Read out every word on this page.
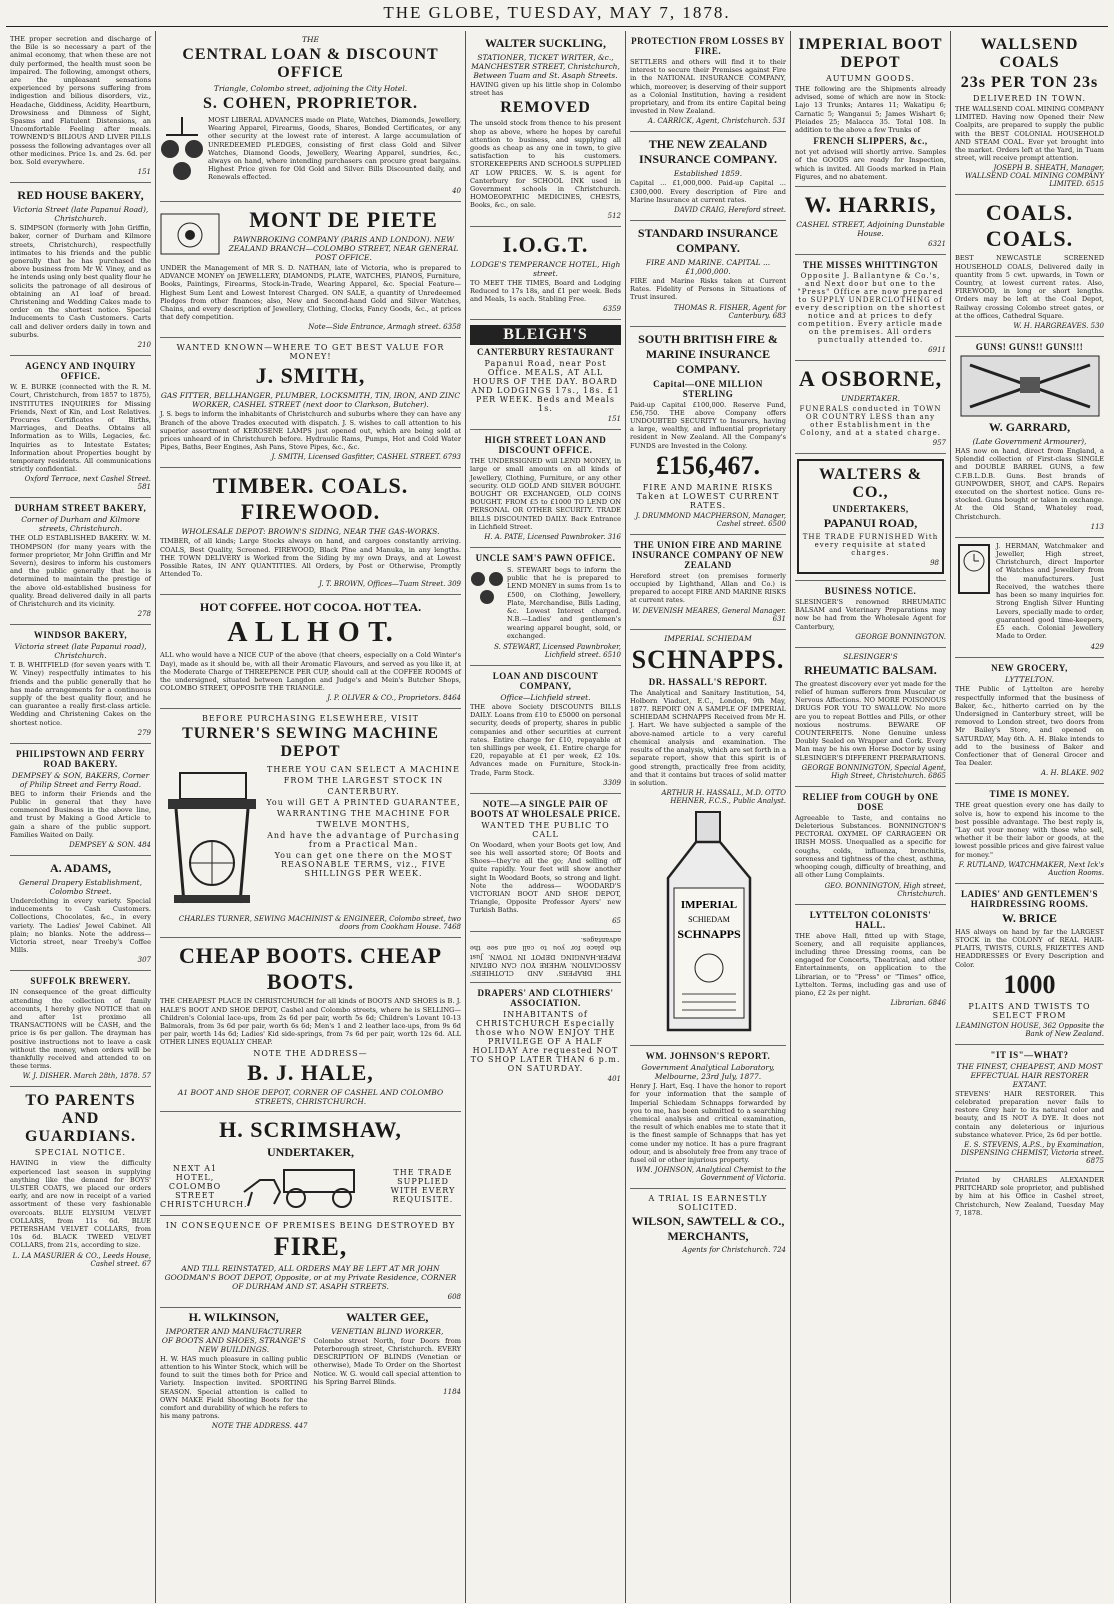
THE GLOBE, TUESDAY, MAY 7, 1878.
THE proper secretion and discharge of the Bile is so necessary a part of the animal economy, that when these are not duly performed, the health must soon be impaired. The following, amongst others, are the unpleasant sensations experienced by persons suffering from indigestion and bilious disorders, viz., Headache, Giddiness, Acidity, Heartburn, Drowsiness and Dimness of Sight, Spasms and Flatulent Distensions, an Uncomfortable Feeling after meals. TOWNEND'S BILIOUS AND LIVER PILLS possess the following advantages over all other medicines. Price 1s. and 2s. 6d. per box. Sold everywhere.
151
RED HOUSE BAKERY,
Victoria Street (late Papanui Road), Christchurch.
S. SIMPSON (formerly with John Griffin, baker, corner of Durham and Kilmore streets, Christchurch), respectfully intimates to his friends and the public generally that he has purchased the above business from Mr W. Viney, and as he intends using only best quality flour he solicits the patronage of all desirous of obtaining an A1 loaf of bread. Christening and Wedding Cakes made to order on the shortest notice. Special Inducements to Cash Customers. Carts call and deliver orders daily in town and suburbs.
210
AGENCY AND INQUIRY OFFICE.
W. E. BURKE (connected with the R. M. Court, Christchurch, from 1857 to 1875), INSTITUTES INQUIRIES for Missing Friends, Next of Kin, and Lost Relatives. Procures Certificates of Births, Marriages, and Deaths. Obtains all Information as to Wills, Legacies, &c. Inquiries as to Intestate Estates; Information about Properties bought by temporary residents. All communications strictly confidential.
Oxford Terrace, next Cashel Street. 581
DURHAM STREET BAKERY,
Corner of Durham and Kilmore streets, Christchurch.
THE OLD ESTABLISHED BAKERY. W. M. THOMPSON (for many years with the former proprietor, Mr John Griffin and Mr Severn), desires to inform his customers and the public generally that he is determined to maintain the prestige of the above old-established business for quality. Bread delivered daily in all parts of Christchurch and its vicinity.
278
WINDSOR BAKERY,
Victoria street (late Papanui road), Christchurch.
T. B. WHITFIELD (for seven years with T. W. Viney) respectfully intimates to his friends and the public generally that he has made arrangements for a continuous supply of the best quality flour, and he can guarantee a really first-class article. Wedding and Christening Cakes on the shortest notice.
279
PHILIPSTOWN AND FERRY ROAD BAKERY.
DEMPSEY & SON, BAKERS, Corner of Philip Street and Ferry Road.
BEG to inform their Friends and the Public in general that they have commenced Business in the above line, and trust by Making a Good Article to gain a share of the public support. Families Waited on Daily.
DEMPSEY & SON. 484
A. ADAMS,
General Drapery Establishment, Colombo Street.
Underclothing in every variety. Special inducements to Cash Customers. Collections, Chocolates, &c., in every variety. The Ladies' Jewel Cabinet. All plain; no blanks. Note the address—Victoria street, near Treeby's Coffee Mills.
307
SUFFOLK BREWERY.
IN consequence of the great difficulty attending the collection of family accounts, I hereby give NOTICE that on and after 1st proximo all TRANSACTIONS will be CASH, and the price is 6s per gallon. The drayman has positive instructions not to leave a cask without the money, when orders will be thankfully received and attended to on these terms.
W. J. DISHER. March 28th, 1878. 57
TO PARENTS AND GUARDIANS.
SPECIAL NOTICE.
HAVING in view the difficulty experienced last season in supplying anything like the demand for BOYS' ULSTER COATS, we placed our orders early, and are now in receipt of a varied assortment of these very fashionable overcoats. BLUE ELYSIUM VELVET COLLARS, from 11s 6d. BLUE PETERSHAM VELVET COLLARS, from 10s 6d. BLACK TWEED VELVET COLLARS, from 21s, according to size.
L. LA MASURIER & CO., Leeds House, Cashel street. 67
THE
CENTRAL LOAN & DISCOUNT OFFICE
Triangle, Colombo street, adjoining the City Hotel.
S. COHEN, PROPRIETOR.
MOST LIBERAL ADVANCES made on Plate, Watches, Diamonds, Jewellery, Wearing Apparel, Firearms, Goods, Shares, Bonded Certificates, or any other security at the lowest rate of interest. A large accumulation of UNREDEEMED PLEDGES, consisting of first class Gold and Silver Watches, Diamond Goods, Jewellery, Wearing Apparel, sundries, &c., always on hand, where intending purchasers can procure great bargains. Highest Price given for Old Gold and Silver. Bills Discounted daily, and Renewals effected.
40
MONT DE PIETE
PAWNBROKING COMPANY (PARIS AND LONDON). NEW ZEALAND BRANCH—COLOMBO STREET, NEAR GENERAL POST OFFICE.
UNDER the Management of MR S. D. NATHAN, late of Victoria, who is prepared to ADVANCE MONEY on JEWELLERY, DIAMONDS, PLATE, WATCHES, PIANOS, Furniture, Books, Paintings, Firearms, Stock-in-Trade, Wearing Apparel, &c. Special Feature—Highest Sum Lent and Lowest Interest Charged. ON SALE, a quantity of Unredeemed Pledges from other finances; also, New and Second-hand Gold and Silver Watches, Chains, and every description of Jewellery, Clothing, Clocks, Fancy Goods, &c., at prices that defy competition.
Note—Side Entrance, Armagh street. 6358
WANTED KNOWN—WHERE TO GET BEST VALUE FOR MONEY!
J. SMITH,
GAS FITTER, BELLHANGER, PLUMBER, LOCKSMITH, TIN, IRON, AND ZINC WORKER, CASHEL STREET (next door to Clarkson, Butcher).
J. S. begs to inform the inhabitants of Christchurch and suburbs where they can have any Branch of the above Trades executed with dispatch. J. S. wishes to call attention to his superior assortment of KEROSENE LAMPS just opened out, which are being sold at prices unheard of in Christchurch before. Hydraulic Rams, Pumps, Hot and Cold Water Pipes, Baths, Beer Engines, Ash Pans, Stove Pipes, &c., &c.
J. SMITH, Licensed Gasfitter, CASHEL STREET. 6793
TIMBER. COALS. FIREWOOD.
WHOLESALE DEPOT: BROWN'S SIDING, NEAR THE GAS-WORKS.
TIMBER, of all kinds; Large Stocks always on hand, and cargoes constantly arriving. COALS, Best Quality, Screened. FIREWOOD, Black Pine and Manuka, in any lengths. THE TOWN DELIVERY is Worked from the Siding by my own Drays, and at Lowest Possible Rates, IN ANY QUANTITIES. All Orders, by Post or Otherwise, Promptly Attended To.
J. T. BROWN, Offices—Tuam Street. 309
HOT COFFEE. HOT COCOA. HOT TEA.
A L L H O T.
ALL who would have a NICE CUP of the above (that cheers, especially on a Cold Winter's Day), made as it should be, with all their Aromatic Flavours, and served as you like it, at the Moderate Charge of THREEPENCE PER CUP, should call at the COFFEE ROOMS of the undersigned, situated between Langdon and Judge's and Mein's Butcher Shops, COLOMBO STREET, OPPOSITE THE TRIANGLE.
J. P. OLIVER & CO., Proprietors. 8464
BEFORE PURCHASING ELSEWHERE, VISIT
TURNER'S SEWING MACHINE DEPOT
THERE YOU CAN SELECT A MACHINE
FROM THE LARGEST STOCK IN
CANTERBURY.
You will GET A PRINTED GUARANTEE,
WARRANTING THE MACHINE FOR
TWELVE MONTHS,
And have the advantage of Purchasing from a Practical Man.
You can get one there on the MOST REASONABLE TERMS, viz., FIVE SHILLINGS PER WEEK.
CHARLES TURNER, SEWING MACHINIST & ENGINEER, Colombo street, two doors from Cookham House. 7468
CHEAP BOOTS. CHEAP BOOTS.
THE CHEAPEST PLACE IN CHRISTCHURCH for all kinds of BOOTS AND SHOES is B. J. HALE'S BOOT AND SHOE DEPOT, Cashel and Colombo streets, where he is SELLING— Children's Colonial lace-ups, from 2s 6d per pair, worth 5s 6d; Children's Lovant 10-13 Balmorals, from 3s 6d per pair, worth 6s 6d; Men's 1 and 2 leather lace-ups, from 9s 6d per pair, worth 14s 6d; Ladies' Kid side-springs, from 7s 6d per pair, worth 12s 6d. ALL OTHER LINES EQUALLY CHEAP.
NOTE THE ADDRESS—
B. J. HALE,
A1 BOOT AND SHOE DEPOT, CORNER OF CASHEL AND COLOMBO STREETS, CHRISTCHURCH.
H. SCRIMSHAW,
UNDERTAKER,
NEXT A1 HOTEL, COLOMBO STREET CHRISTCHURCH.
THE TRADE SUPPLIED WITH EVERY REQUISITE.
IN CONSEQUENCE OF PREMISES BEING DESTROYED BY
FIRE,
AND TILL REINSTATED, ALL ORDERS MAY BE LEFT AT MR JOHN GOODMAN'S BOOT DEPOT, Opposite, or at my Private Residence, CORNER OF DURHAM AND ST. ASAPH STREETS.
608
H. WILKINSON,
IMPORTER AND MANUFACTURER OF BOOTS AND SHOES, STRANGE'S NEW BUILDINGS.
H. W. HAS much pleasure in calling public attention to his Winter Stock, which will be found to suit the times both for Price and Variety. Inspection invited. SPORTING SEASON. Special attention is called to OWN MAKE Field Shooting Boots for the comfort and durability of which he refers to his many patrons.
NOTE THE ADDRESS. 447
WALTER GEE,
VENETIAN BLIND WORKER,
Colombo street North, four Doors from Peterborough street, Christchurch. EVERY DESCRIPTION OF BLINDS (Venetian or otherwise), Made To Order on the Shortest Notice. W. G. would call special attention to his Spring Barrel Blinds.
1184
WALTER SUCKLING,
STATIONER, TICKET WRITER, &c., MANCHESTER STREET, Christchurch, Between Tuam and St. Asaph Streets.
HAVING given up his little shop in Colombo street has
REMOVED
The unsold stock from thence to his present shop as above, where he hopes by careful attention to business, and supplying all goods as cheap as any one in town, to give satisfaction to his customers. STOREKEEPERS AND SCHOOLS SUPPLIED AT LOW PRICES. W. S. is agent for Canterbury for SCHOOL INK used in Government schools in Christchurch. HOMOEOPATHIC MEDICINES, CHESTS, Books, &c., on sale.
512
I.O.G.T.
LODGE'S TEMPERANCE HOTEL, High street.
TO MEET THE TIMES, Board and Lodging Reduced to 17s 18s, and £1 per week. Beds and Meals, 1s each. Stabling Free.
6359
BLEIGH'S
CANTERBURY RESTAURANT
Papanui Road, near Post Office. MEALS, AT ALL HOURS OF THE DAY. BOARD AND LODGINGS 17s., 18s. £1 PER WEEK. Beds and Meals 1s.
151
HIGH STREET LOAN AND DISCOUNT OFFICE.
THE UNDERSIGNED will LEND MONEY, in large or small amounts on all kinds of Jewellery, Clothing, Furniture, or any other security. OLD GOLD AND SILVER BOUGHT. BOUGHT OR EXCHANGED, OLD COINS BOUGHT. FROM £5 to £1000 TO LEND ON PERSONAL OR OTHER SECURITY. TRADE BILLS DISCOUNTED DAILY. Back Entrance in Lichfield Street.
H. A. PATE, Licensed Pawnbroker. 316
UNCLE SAM'S PAWN OFFICE.
S. STEWART begs to inform the public that he is prepared to LEND MONEY in sums from 1s to £500, on Clothing, Jewellery, Plate, Merchandise, Bills Lading, &c. Lowest Interest charged. N.B.—Ladies' and gentlemen's wearing apparel bought, sold, or exchanged.
S. STEWART, Licensed Pawnbroker, Lichfield street. 6510
LOAN AND DISCOUNT COMPANY,
Office—Lichfield street.
THE above Society DISCOUNTS BILLS DAILY. Loans from £10 to £5000 on personal security, deeds of property, shares in public companies and other securities at current rates. Entire charge for £10, repayable at ten shillings per week, £1. Entire charge for £20, repayable at £1 per week, £2 10s. Advances made on Furniture, Stock-in-Trade, Farm Stock.
3309
NOTE—A SINGLE PAIR OF BOOTS AT WHOLESALE PRICE.
WANTED THE PUBLIC TO CALL
On Woodard, when your Boots get low, And see his well assorted store; Of Boots and Shoes—they're all the go; And selling off quite rapidly. Your feet will show another sight In Woodard Boots, so strong and light. Note the address— WOODARD'S VICTORIAN BOOT AND SHOE DEPOT, Triangle, Opposite Professor Ayers' new Turkish Baths.
65
THE DRAPERS' AND CLOTHIERS' ASSOCIATION. WHERE YOU CAN OBTAIN PAPER-HANGING DEPOT IN TOWN. Just the place for you to call and see the advantages.
DRAPERS' AND CLOTHIERS' ASSOCIATION.
INHABITANTS of CHRISTCHURCH Especially those who NOW ENJOY THE PRIVILEGE OF A HALF HOLIDAY Are requested NOT TO SHOP LATER THAN 6 p.m. ON SATURDAY.
401
PROTECTION FROM LOSSES BY FIRE.
SETTLERS and others will find it to their interest to secure their Premises against Fire in the NATIONAL INSURANCE COMPANY, which, moreover, is deserving of their support as a Colonial Institution, having a resident proprietary, and from its entire Capital being invested in New Zealand.
A. CARRICK, Agent, Christchurch. 531
THE NEW ZEALAND INSURANCE COMPANY.
Established 1859.
Capital ... £1,000,000. Paid-up Capital ... £300,000. Every description of Fire and Marine Insurance at current rates.
DAVID CRAIG, Hereford street.
STANDARD INSURANCE COMPANY.
FIRE AND MARINE. CAPITAL ... £1,000,000.
FIRE and Marine Risks taken at Current Rates. Fidelity of Persons in Situations of Trust insured.
THOMAS R. FISHER, Agent for Canterbury. 683
SOUTH BRITISH FIRE & MARINE INSURANCE COMPANY.
Capital—ONE MILLION STERLING
Paid-up Capital £100,000. Reserve Fund, £56,750. THE above Company offers UNDOUBTED SECURITY to Insurers, having a large, wealthy, and influential proprietary resident in New Zealand. All the Company's FUNDS are Invested in the Colony.
£156,467.
FIRE AND MARINE RISKS Taken at LOWEST CURRENT RATES.
J. DRUMMOND MACPHERSON, Manager, Cashel street. 6500
THE UNION FIRE AND MARINE INSURANCE COMPANY OF NEW ZEALAND
Hereford street (on premises formerly occupied by Lighthand, Allan and Co.) is prepared to accept FIRE AND MARINE RISKS at current rates.
W. DEVENISH MEARES, General Manager. 631
IMPERIAL SCHIEDAM
SCHNAPPS.
DR. HASSALL'S REPORT.
The Analytical and Sanitary Institution, 54, Holborn Viaduct, E.C., London, 9th May, 1877. REPORT ON A SAMPLE OF IMPERIAL SCHIEDAM SCHNAPPS Received from Mr H. J. Hart. We have subjected a sample of the above-named article to a very careful chemical analysis and examination. The results of the analysis, which are set forth in a separate report, show that this spirit is of good strength, practically free from acidity, and that it contains but traces of solid matter in solution.
ARTHUR H. HASSALL, M.D. OTTO HEHNER, F.C.S., Public Analyst.
IMPERIAL
SCHIEDAM
SCHNAPPS
WM. JOHNSON'S REPORT.
Government Analytical Laboratory, Melbourne, 23rd July, 1877.
Henry J. Hart, Esq. I have the honor to report for your information that the sample of Imperial Schiedam Schnapps forwarded by you to me, has been submitted to a searching chemical analysis and critical examination, the result of which enables me to state that it is the finest sample of Schnapps that has yet come under my notice. It has a pure fragrant odour, and is absolutely free from any trace of fusel oil or other injurious property.
WM. JOHNSON, Analytical Chemist to the Government of Victoria.
A TRIAL IS EARNESTLY SOLICITED.
WILSON, SAWTELL & CO., MERCHANTS,
Agents for Christchurch. 724
IMPERIAL BOOT DEPOT
AUTUMN GOODS.
THE following are the Shipments already advised, some of which are now in Stock: Lajo 13 Trunks; Antares 11; Wakatipu 6; Carnatic 5; Wanganui 5; James Wishart 6; Pleiades 25; Malacca 35. Total 108. In addition to the above a few Trunks of
FRENCH SLIPPERS, &c.,
not yet advised will shortly arrive. Samples of the GOODS are ready for Inspection, which is invited. All Goods marked in Plain Figures, and no abatement.
W. HARRIS,
CASHEL STREET, Adjoining Dunstable House.
6321
THE MISSES WHITTINGTON
Opposite J. Ballantyne & Co.'s, and Next door but one to the "Press" Office are now prepared to SUPPLY UNDERCLOTHING of every description on the shortest notice and at prices to defy competition. Every article made on the premises. All orders punctually attended to.
6911
A OSBORNE,
UNDERTAKER.
FUNERALS conducted in TOWN OR COUNTRY LESS than any other Establishment in the Colony, and at a stated charge.
957
WALTERS & CO.,
UNDERTAKERS,
PAPANUI ROAD,
THE TRADE FURNISHED With every requisite at stated charges.
98
BUSINESS NOTICE.
SLESINGER'S renowned RHEUMATIC BALSAM and Veterinary Preparations may now be had from the Wholesale Agent for Canterbury,
GEORGE BONNINGTON.
SLESINGER'S
RHEUMATIC BALSAM.
The greatest discovery ever yet made for the relief of human sufferers from Muscular or Nervous Affections. NO MORE POISONOUS DRUGS FOR YOU TO SWALLOW. No more are you to repeat Bottles and Pills, or other noxious nostrums. BEWARE OF COUNTERFEITS. None Genuine unless Doubly Sealed on Wrapper and Cork. Every Man may be his own Horse Doctor by using SLESINGER'S DIFFERENT PREPARATIONS.
GEORGE BONNINGTON, Special Agent, High Street, Christchurch. 6865
RELIEF from COUGH by ONE DOSE
Agreeable to Taste, and contains no Deleterious Substances. BONNINGTON'S PECTORAL OXYMEL OF CARRAGEEN OR IRISH MOSS. Unequalled as a specific for coughs, colds, influenza, bronchitis, soreness and tightness of the chest, asthma, whooping cough, difficulty of breathing, and all other Lung Complaints.
GEO. BONNINGTON, High street, Christchurch.
LYTTELTON COLONISTS' HALL.
THE above Hall, fitted up with Stage, Scenery, and all requisite appliances, including three Dressing rooms, can be engaged for Concerts, Theatrical, and other Entertainments, on application to the Librarian, or to "Press" or "Times" office, Lyttelton. Terms, including gas and use of piano, £2 2s per night.
Librarian. 6846
WALLSEND COALS
23s PER TON 23s
DELIVERED IN TOWN.
THE WALLSEND COAL MINING COMPANY LIMITED. Having now Opened their New Coalpits, are prepared to supply the public with the BEST COLONIAL HOUSEHOLD AND STEAM COAL. Ever yet brought into the market. Orders left at the Yard, in Tuam street, will receive prompt attention.
JOSEPH B. SHEATH, Manager, WALLSEND COAL MINING COMPANY LIMITED. 6515
COALS. COALS.
BEST NEWCASTLE SCREENED HOUSEHOLD COALS, Delivered daily in quantity from 5 cwt. upwards, in Town or Country, at lowest current rates. Also, FIREWOOD, in long or short lengths. Orders may be left at the Coal Depot, Railway crossing Colombo street gates, or at the offices, Cathedral Square.
W. H. HARGREAVES. 530
GUNS! GUNS!! GUNS!!!
W. GARRARD,
(Late Government Armourer),
HAS now on hand, direct from England, a Splendid collection of First-class SINGLE and DOUBLE BARREL GUNS, a few C.F.B.L.D.B. Guns. Best brands of GUNPOWDER, SHOT, and CAPS. Repairs executed on the shortest notice. Guns re-stocked. Guns bought or taken in exchange. At the Old Stand, Whateley road, Christchurch.
113
J. HERMAN, Watchmaker and Jeweller, High street, Christchurch, direct Importer of Watches and Jewellery from the manufacturers. Just Received, the watches there has been so many inquiries for. Strong English Silver Hunting Levers, specially made to order, guaranteed good time-keepers, £5 each. Colonial Jewellery Made to Order.
429
NEW GROCERY,
LYTTELTON.
THE Public of Lyttelton are hereby respectfully informed that the business of Baker, &c., hitherto carried on by the Undersigned in Canterbury street, will be removed to London street, two doors from Mr Bailey's Store, and opened on SATURDAY, May 6th. A. H. Blake intends to add to the business of Baker and Confectioner that of General Grocer and Tea Dealer.
A. H. BLAKE. 902
TIME IS MONEY.
THE great question every one has daily to solve is, how to expend his income to the best possible advantage. The best reply is, "Lay out your money with those who sell, whether it be their labor or goods, at the lowest possible prices and give fairest value for money."
F. RUTLAND, WATCHMAKER, Next Ick's Auction Rooms.
LADIES' AND GENTLEMEN'S HAIRDRESSING ROOMS.
W. BRICE
HAS always on hand by far the LARGEST STOCK in the COLONY of REAL HAIR-PLAITS, TWISTS, CURLS, FRIZETTES AND HEADDRESSES Of Every Description and Color.
1000
PLAITS AND TWISTS TO SELECT FROM
LEAMINGTON HOUSE, 362 Opposite the Bank of New Zealand.
"IT IS"—WHAT?
THE FINEST, CHEAPEST, AND MOST EFFECTUAL HAIR RESTORER EXTANT.
STEVENS' HAIR RESTORER. This celebrated preparation never fails to restore Grey hair to its natural color and beauty, and IS NOT A DYE. It does not contain any deleterious or injurious substance whatever. Price, 2s 6d per bottle.
E. S. STEVENS, A.P.S., by Examination, DISPENSING CHEMIST, Victoria street. 6875
Printed by CHARLES ALEXANDER PRITCHARD sole proprietor, and published by him at his Office in Cashel street, Christchurch, New Zealand, Tuesday May 7, 1878.
